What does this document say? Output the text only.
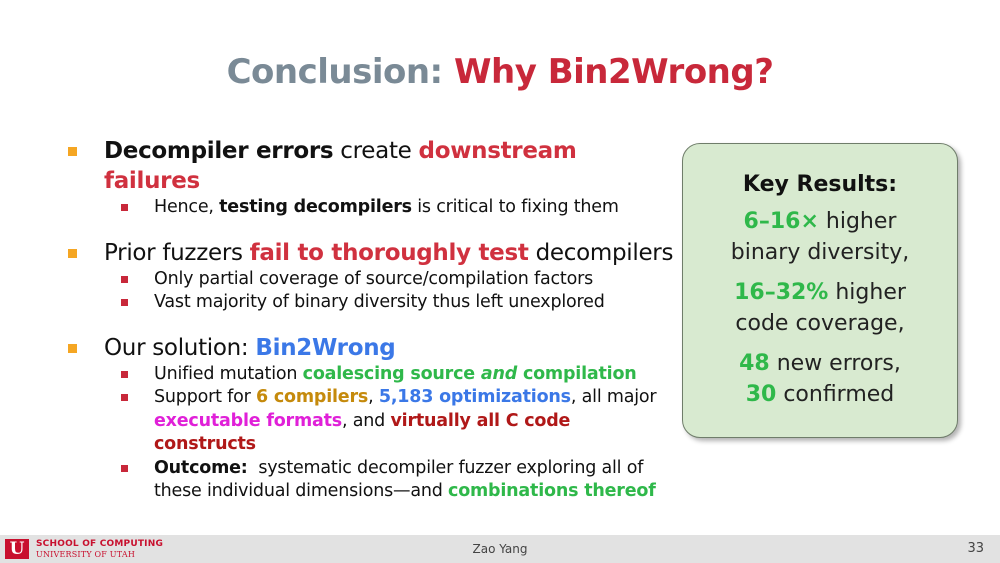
Conclusion: Why Bin2Wrong?
Decompiler errors create downstream failures
Hence, testing decompilers is critical to fixing them
Prior fuzzers fail to thoroughly test decompilers
Only partial coverage of source/compilation factors
Vast majority of binary diversity thus left unexplored
Our solution: Bin2Wrong
Unified mutation coalescing source and compilation
Support for 6 compilers, 5,183 optimizations, all major
executable formats, and virtually all C code constructs
Outcome:  systematic decompiler fuzzer exploring all of
these individual dimensions—and combinations thereof
Key Results:
6–16× higher
binary diversity,
16–32% higher
code coverage,
48 new errors,
30 confirmed
U	SCHOOL OF COMPUTING
UNIVERSITY OF UTAH	Zao Yang	33
